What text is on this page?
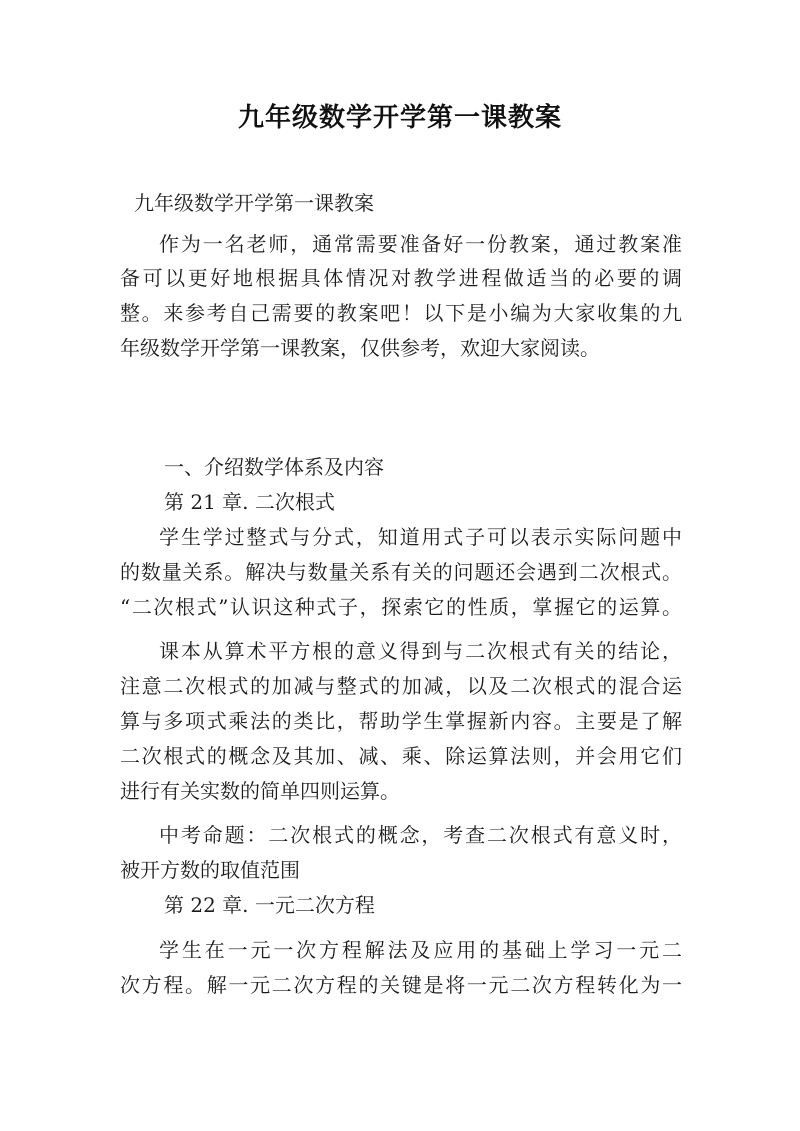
九年级数学开学第一课教案
九年级数学开学第一课教案
作为一名老师，通常需要准备好一份教案，通过教案准
备可以更好地根据具体情况对教学进程做适当的必要的调
整。来参考自己需要的教案吧！以下是小编为大家收集的九
年级数学开学第一课教案，仅供参考，欢迎大家阅读。
一、介绍数学体系及内容
第 21 章. 二次根式
学生学过整式与分式，知道用式子可以表示实际问题中
的数量关系。解决与数量关系有关的问题还会遇到二次根式。
“二次根式”认识这种式子，探索它的性质，掌握它的运算。
课本从算术平方根的意义得到与二次根式有关的结论，
注意二次根式的加减与整式的加减，以及二次根式的混合运
算与多项式乘法的类比，帮助学生掌握新内容。主要是了解
二次根式的概念及其加、减、乘、除运算法则，并会用它们
进行有关实数的简单四则运算。
中考命题：二次根式的概念，考查二次根式有意义时，
被开方数的取值范围
第 22 章. 一元二次方程
学生在一元一次方程解法及应用的基础上学习一元二
次方程。解一元二次方程的关键是将一元二次方程转化为一
